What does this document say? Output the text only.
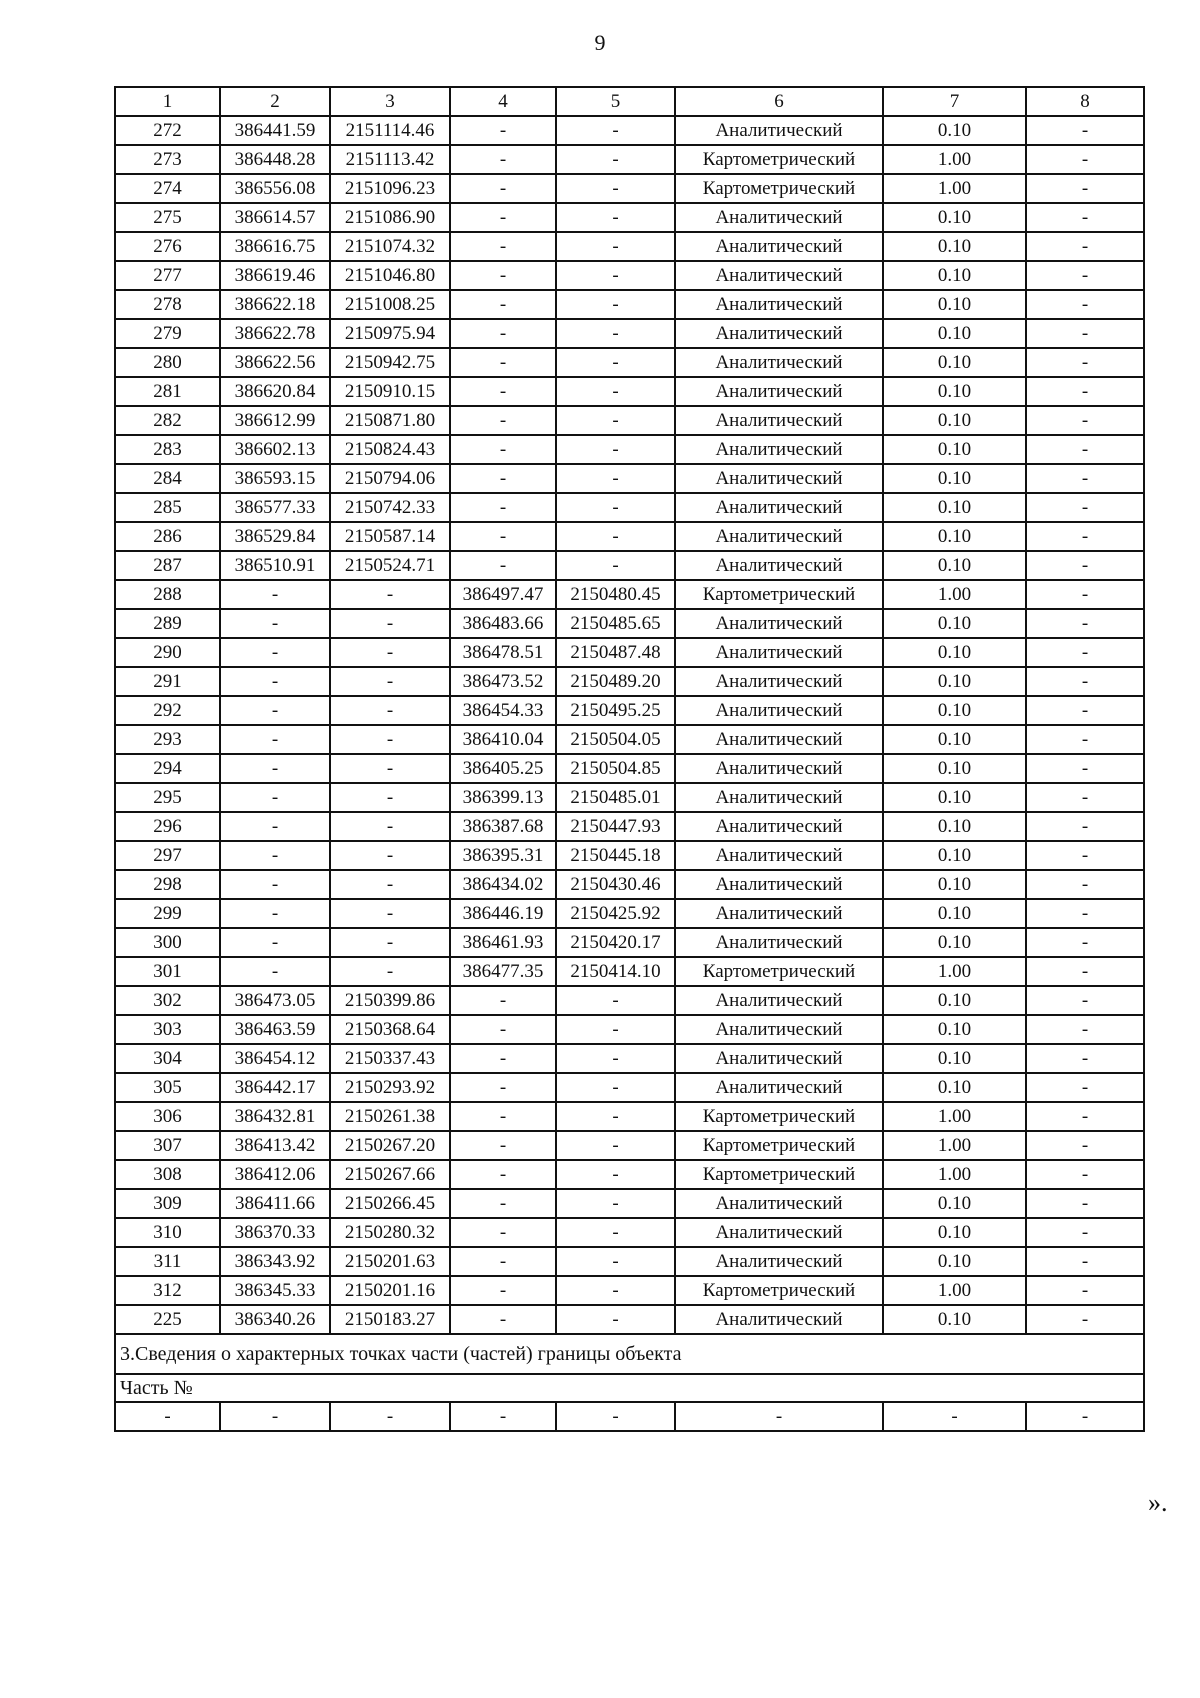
9
1	2	3	4	5	6	7	8
272	386441.59	2151114.46	-	-	Аналитический	0.10	-
273	386448.28	2151113.42	-	-	Картометрический	1.00	-
274	386556.08	2151096.23	-	-	Картометрический	1.00	-
275	386614.57	2151086.90	-	-	Аналитический	0.10	-
276	386616.75	2151074.32	-	-	Аналитический	0.10	-
277	386619.46	2151046.80	-	-	Аналитический	0.10	-
278	386622.18	2151008.25	-	-	Аналитический	0.10	-
279	386622.78	2150975.94	-	-	Аналитический	0.10	-
280	386622.56	2150942.75	-	-	Аналитический	0.10	-
281	386620.84	2150910.15	-	-	Аналитический	0.10	-
282	386612.99	2150871.80	-	-	Аналитический	0.10	-
283	386602.13	2150824.43	-	-	Аналитический	0.10	-
284	386593.15	2150794.06	-	-	Аналитический	0.10	-
285	386577.33	2150742.33	-	-	Аналитический	0.10	-
286	386529.84	2150587.14	-	-	Аналитический	0.10	-
287	386510.91	2150524.71	-	-	Аналитический	0.10	-
288	-	-	386497.47	2150480.45	Картометрический	1.00	-
289	-	-	386483.66	2150485.65	Аналитический	0.10	-
290	-	-	386478.51	2150487.48	Аналитический	0.10	-
291	-	-	386473.52	2150489.20	Аналитический	0.10	-
292	-	-	386454.33	2150495.25	Аналитический	0.10	-
293	-	-	386410.04	2150504.05	Аналитический	0.10	-
294	-	-	386405.25	2150504.85	Аналитический	0.10	-
295	-	-	386399.13	2150485.01	Аналитический	0.10	-
296	-	-	386387.68	2150447.93	Аналитический	0.10	-
297	-	-	386395.31	2150445.18	Аналитический	0.10	-
298	-	-	386434.02	2150430.46	Аналитический	0.10	-
299	-	-	386446.19	2150425.92	Аналитический	0.10	-
300	-	-	386461.93	2150420.17	Аналитический	0.10	-
301	-	-	386477.35	2150414.10	Картометрический	1.00	-
302	386473.05	2150399.86	-	-	Аналитический	0.10	-
303	386463.59	2150368.64	-	-	Аналитический	0.10	-
304	386454.12	2150337.43	-	-	Аналитический	0.10	-
305	386442.17	2150293.92	-	-	Аналитический	0.10	-
306	386432.81	2150261.38	-	-	Картометрический	1.00	-
307	386413.42	2150267.20	-	-	Картометрический	1.00	-
308	386412.06	2150267.66	-	-	Картометрический	1.00	-
309	386411.66	2150266.45	-	-	Аналитический	0.10	-
310	386370.33	2150280.32	-	-	Аналитический	0.10	-
311	386343.92	2150201.63	-	-	Аналитический	0.10	-
312	386345.33	2150201.16	-	-	Картометрический	1.00	-
225	386340.26	2150183.27	-	-	Аналитический	0.10	-
3.Сведения о характерных точках части (частей) границы объекта							
Часть №							
-	-	-	-	-	-	-	-
».
